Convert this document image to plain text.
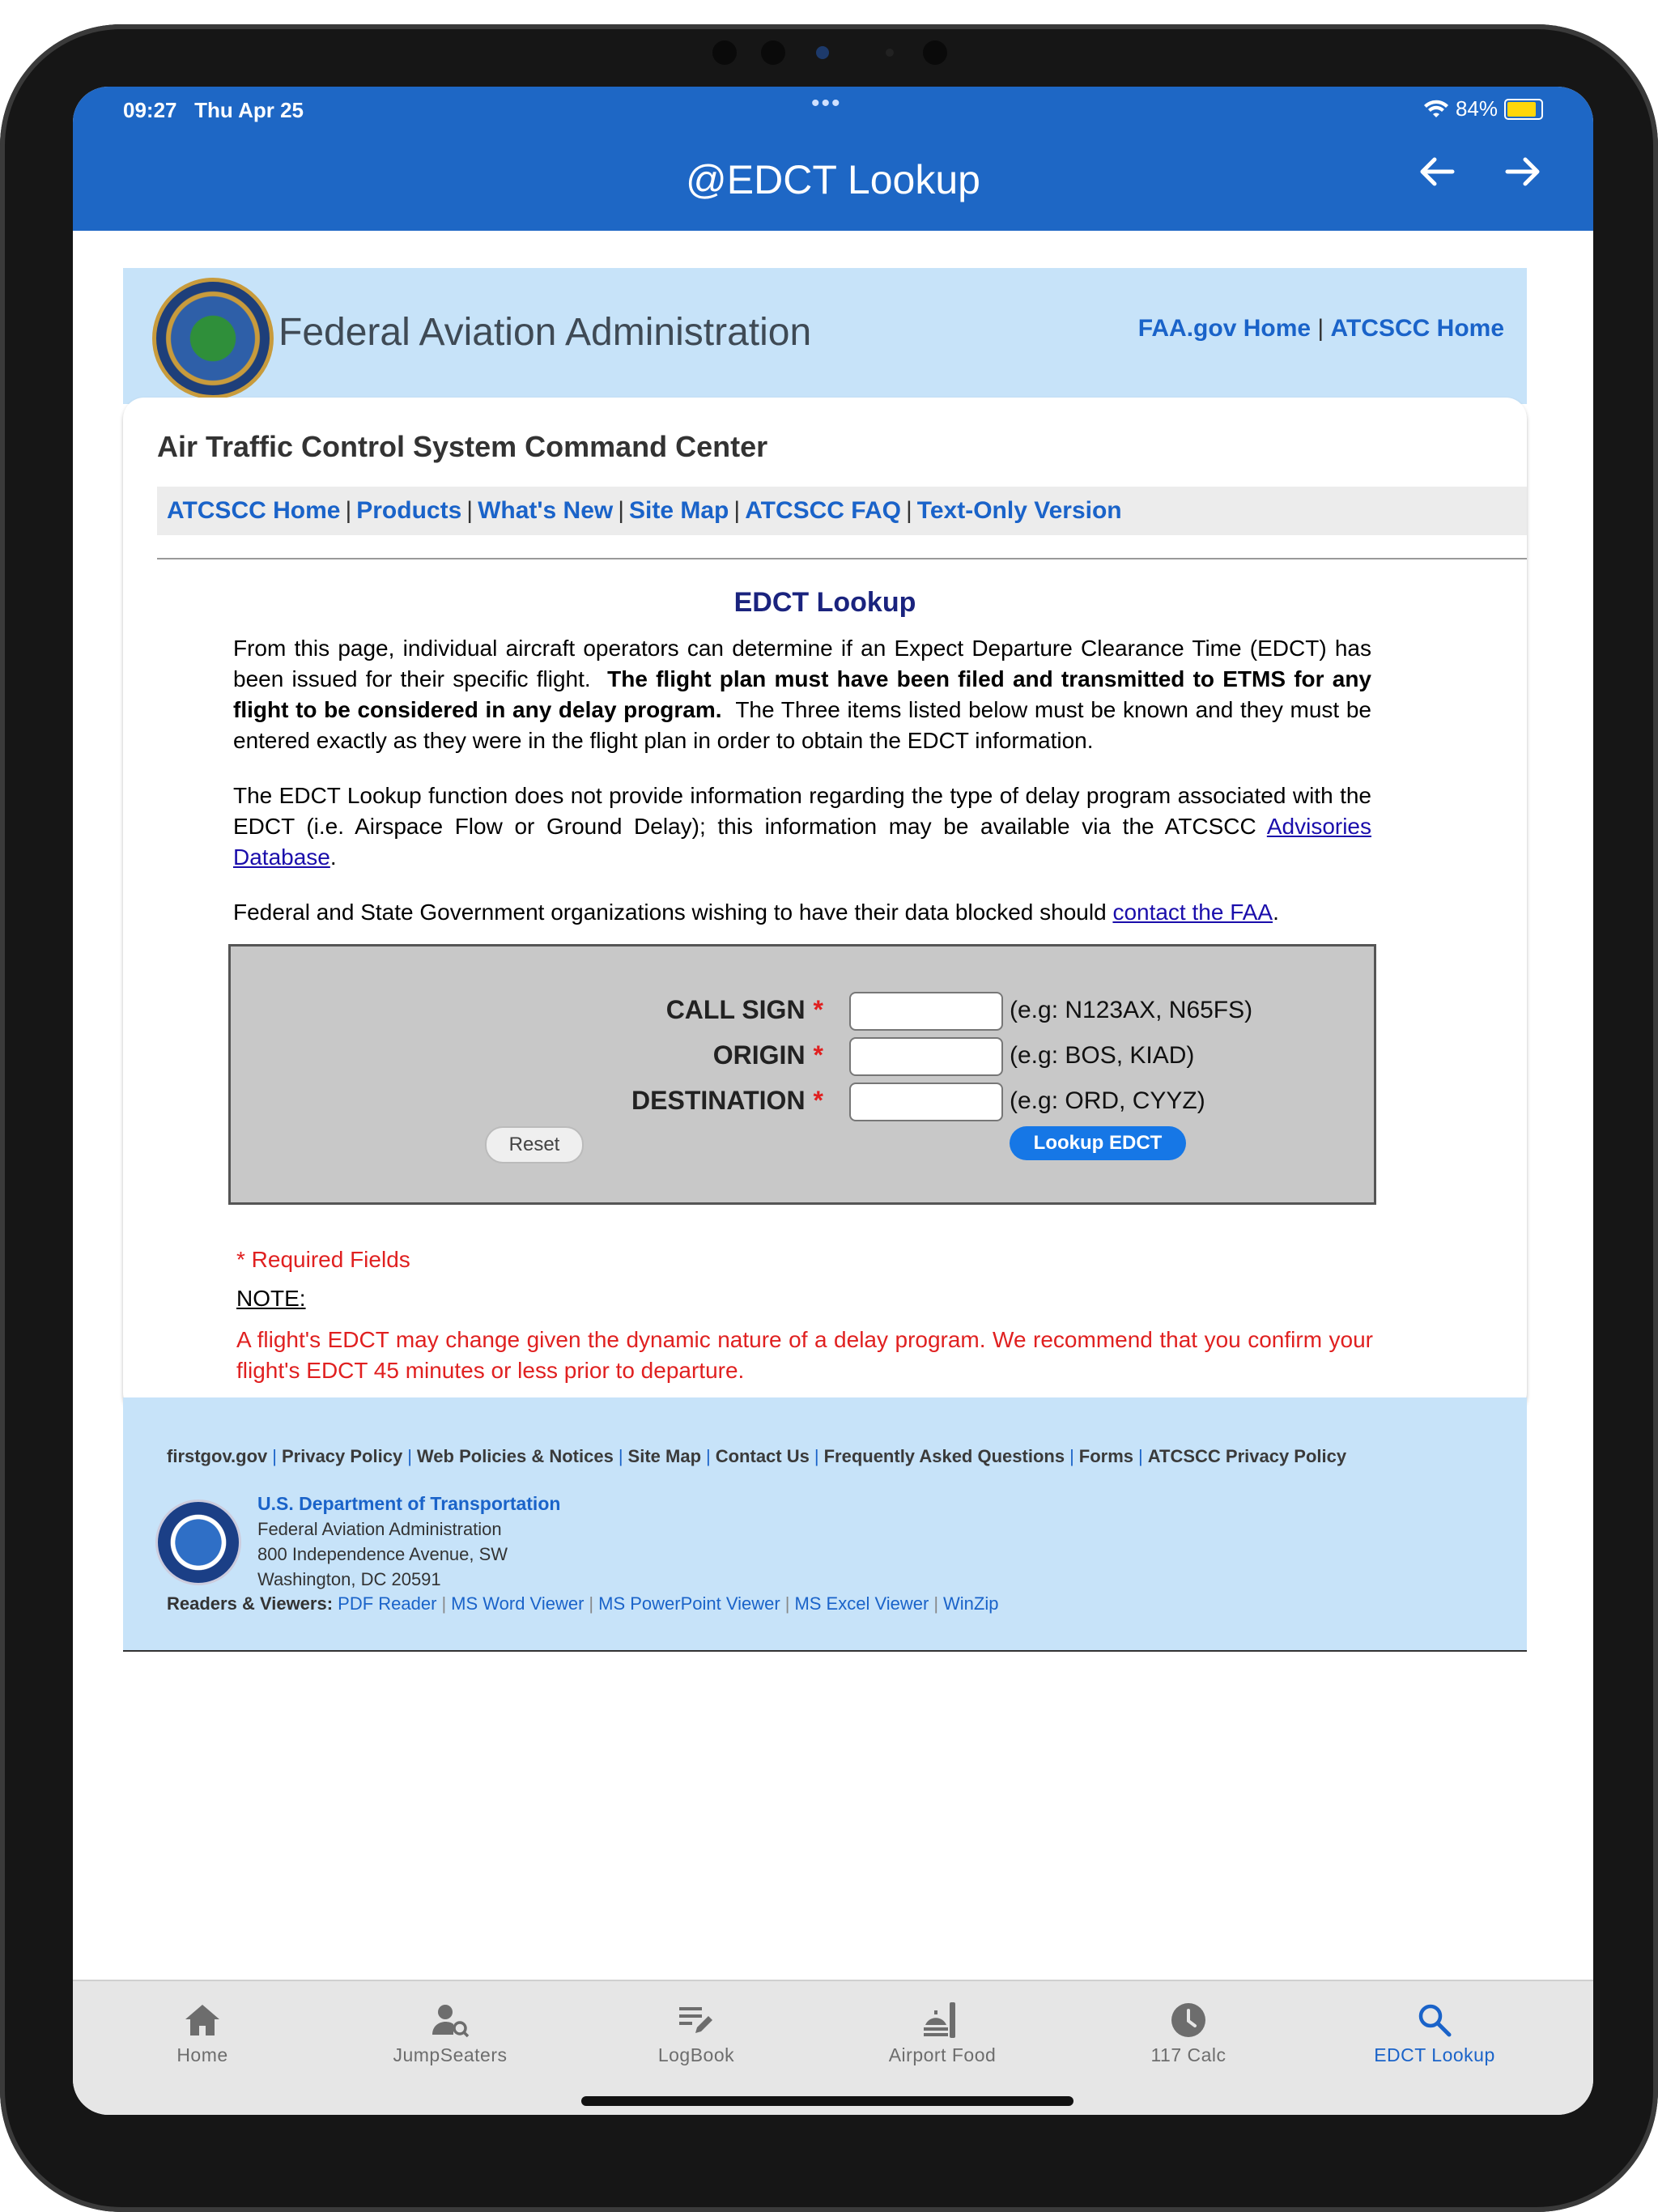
09:27 Thu Apr 25	•••	84%
@EDCT Lookup
Federal Aviation Administration	FAA.gov Home | ATCSCC Home
Air Traffic Control System Command Center
ATCSCC Home | Products | What's New | Site Map | ATCSCC FAQ | Text-Only Version
EDCT Lookup
From this page, individual aircraft operators can determine if an Expect Departure Clearance Time (EDCT) has been issued for their specific flight. The flight plan must have been filed and transmitted to ETMS for any flight to be considered in any delay program. The Three items listed below must be known and they must be entered exactly as they were in the flight plan in order to obtain the EDCT information.
The EDCT Lookup function does not provide information regarding the type of delay program associated with the EDCT (i.e. Airspace Flow or Ground Delay); this information may be available via the ATCSCC Advisories Database.
Federal and State Government organizations wishing to have their data blocked should contact the FAA.
CALL SIGN *	(e.g: N123AX, N65FS)
ORIGIN *	(e.g: BOS, KIAD)
DESTINATION *	(e.g: ORD, CYYZ)
Reset	Lookup EDCT
* Required Fields
NOTE:
A flight's EDCT may change given the dynamic nature of a delay program. We recommend that you confirm your flight's EDCT 45 minutes or less prior to departure.
firstgov.gov | Privacy Policy | Web Policies & Notices | Site Map | Contact Us | Frequently Asked Questions | Forms | ATCSCC Privacy Policy
U.S. Department of Transportation
Federal Aviation Administration
800 Independence Avenue, SW
Washington, DC 20591
Readers & Viewers: PDF Reader | MS Word Viewer | MS PowerPoint Viewer | MS Excel Viewer | WinZip
Home	JumpSeaters	LogBook	Airport Food	117 Calc	EDCT Lookup
